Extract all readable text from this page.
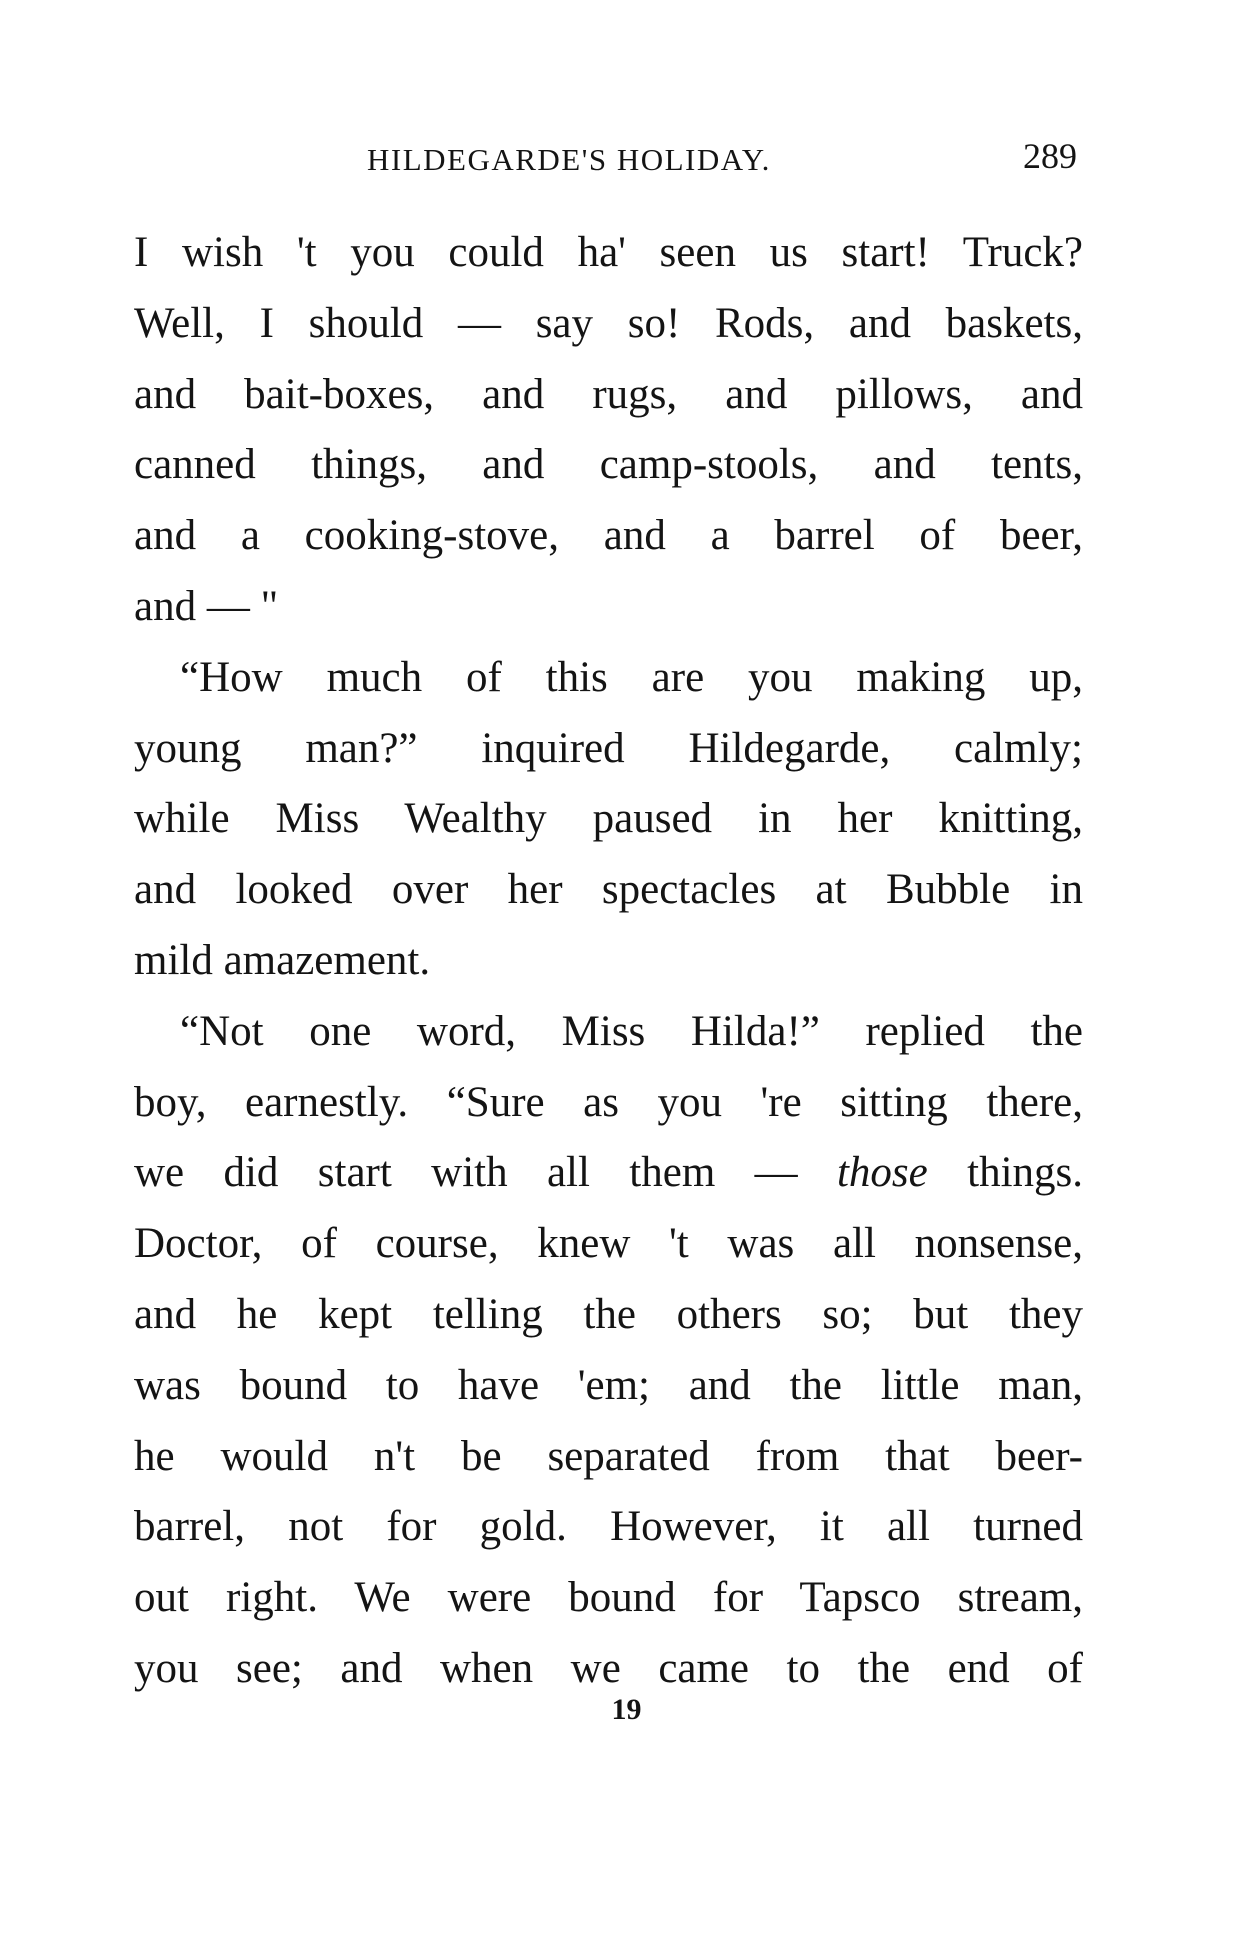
HILDEGARDE'S HOLIDAY.	289
I wish 't you could ha' seen us start! Truck?
Well, I should — say so! Rods, and baskets,
and bait-boxes, and rugs, and pillows, and
canned things, and camp-stools, and tents,
and a cooking-stove, and a barrel of beer,
and — "
“How much of this are you making up,
young man?” inquired Hildegarde, calmly;
while Miss Wealthy paused in her knitting,
and looked over her spectacles at Bubble in
mild amazement.
“Not one word, Miss Hilda!” replied the
boy, earnestly. “Sure as you 're sitting there,
we did start with all them — those things.
Doctor, of course, knew 't was all nonsense,
and he kept telling the others so; but they
was bound to have 'em; and the little man,
he would n't be separated from that beer-
barrel, not for gold. However, it all turned
out right. We were bound for Tapsco stream,
you see; and when we came to the end of
19
